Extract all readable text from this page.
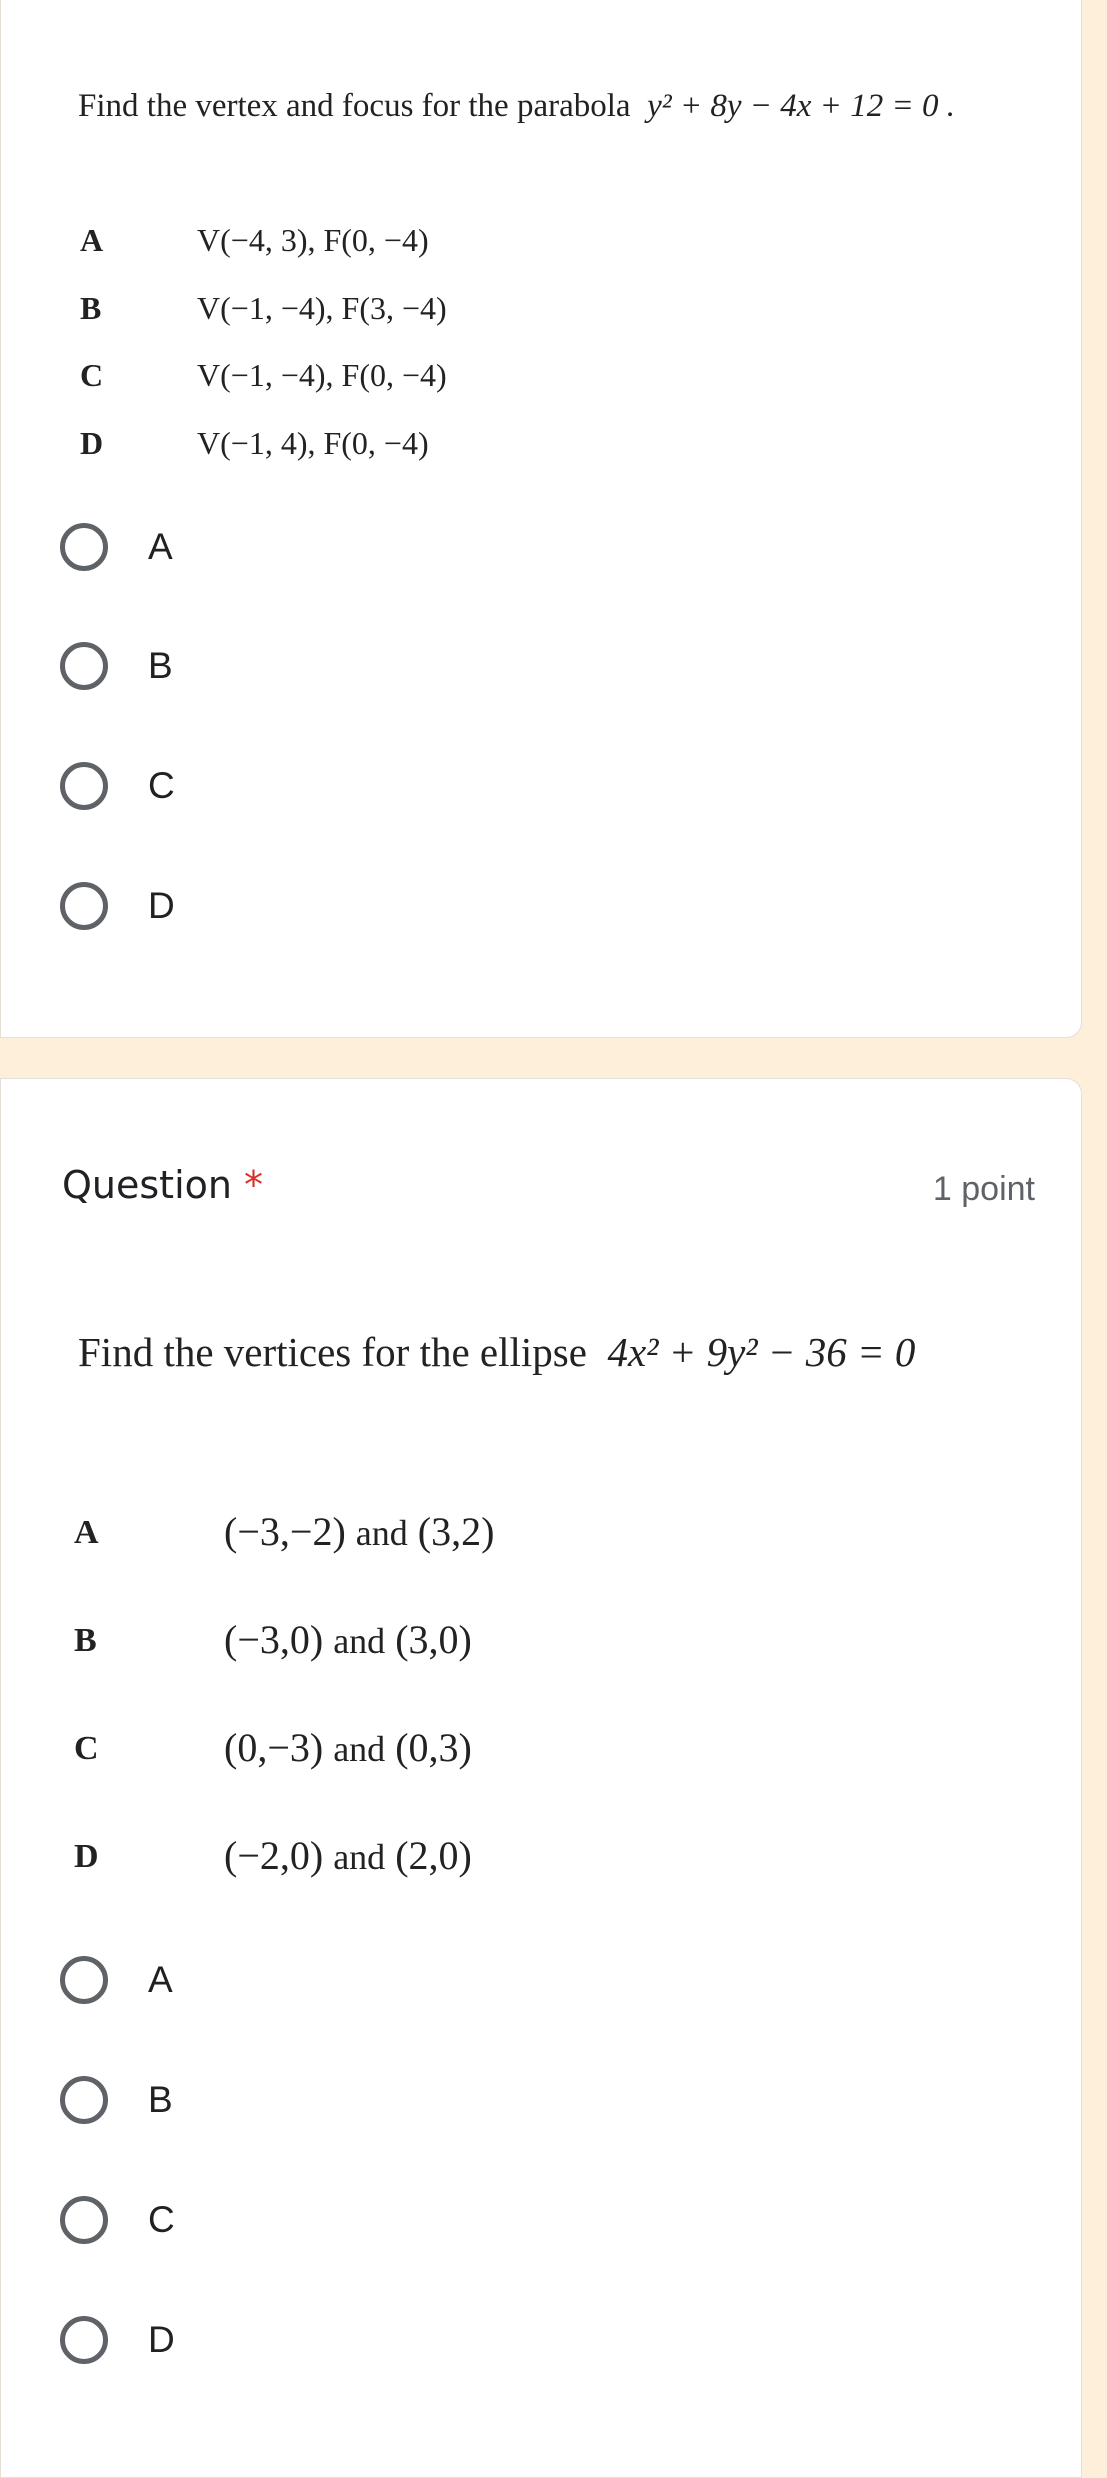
Find the vertex and focus for the parabola y² + 8y − 4x + 12 = 0 .
A	V(−4, 3), F(0, −4)
B	V(−1, −4), F(3, −4)
C	V(−1, −4), F(0, −4)
D	V(−1, 4), F(0, −4)
A
B
C
D
Question *	1 point
Find the vertices for the ellipse 4x² + 9y² − 36 = 0
A	(−3,−2) and (3,2)
B	(−3,0) and (3,0)
C	(0,−3) and (0,3)
D	(−2,0) and (2,0)
A
B
C
D
